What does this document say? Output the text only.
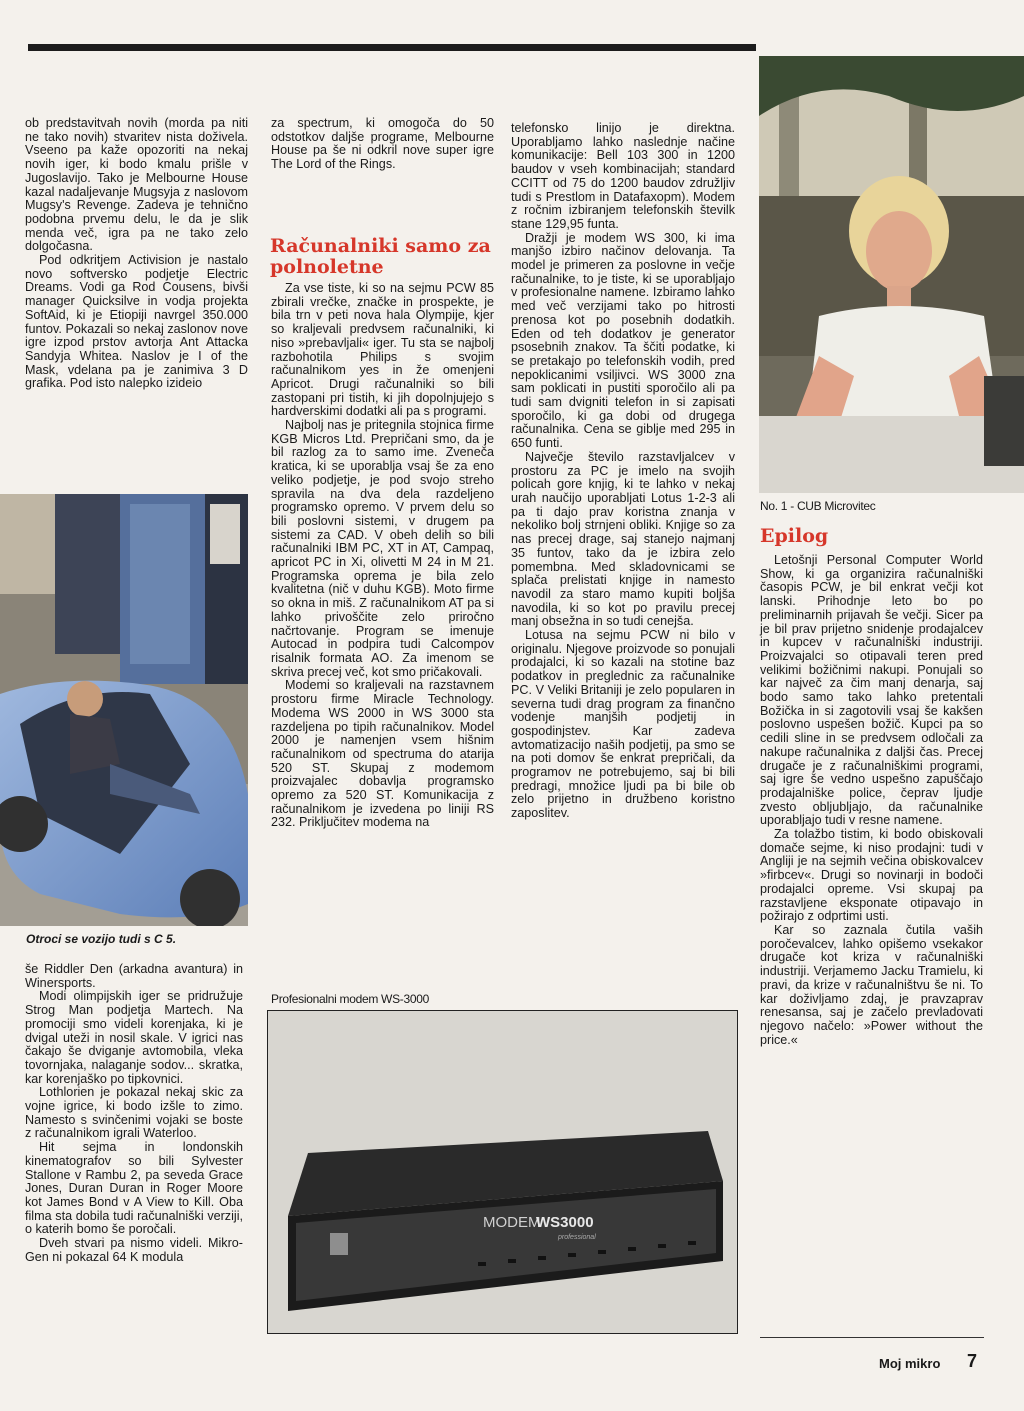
ob predstavitvah novih (morda pa niti ne tako novih) stvaritev nista doživela. Vseeno pa kaže opozoriti na nekaj novih iger, ki bodo kmalu prišle v Jugoslavijo. Tako je Melbourne House kazal nadaljevanje Mugsyja z naslovom Mugsy's Revenge. Zadeva je tehnično podobna prvemu delu, le da je slik menda več, igra pa ne tako zelo dolgočasna.

Pod odkritjem Activision je nastalo novo softversko podjetje Electric Dreams. Vodi ga Rod Cousens, bivši manager Quicksilve in vodja projekta SoftAid, ki je Etiopiji navrgel 350.000 funtov. Pokazali so nekaj zaslonov nove igre izpod prstov avtorja Ant Attacka Sandyja Whitea. Naslov je I of the Mask, vdelana pa je zanimiva 3 D grafika. Pod isto nalepko izideio

Otroci se vozijo tudi s C 5.

še Riddler Den (arkadna avantura) in Winersports.

Modi olimpijskih iger se pridružuje Strog Man podjetja Martech. Na promociji smo videli korenjaka, ki je dvigal uteži in nosil skale. V igrici nas čakajo še dviganje avtomobila, vleka tovornjaka, nalaganje sodov... skratka, kar korenjaško po tipkovnici.

Lothlorien je pokazal nekaj skic za vojne igrice, ki bodo izšle to zimo. Namesto s svinčenimi vojaki se boste z računalnikom igrali Waterloo.

Hit sejma in londonskih kinematografov so bili Sylvester Stallone v Rambu 2, pa seveda Grace Jones, Duran Duran in Roger Moore kot James Bond v A View to Kill. Oba filma sta dobila tudi računalniški verziji, o katerih bomo še poročali.

Dveh stvari pa nismo videli. Mikro-Gen ni pokazal 64 K modula

za spectrum, ki omogoča do 50 odstotkov daljše programe, Melbourne House pa še ni odkril nove super igre The Lord of the Rings.

Računalniki samo za polnoletne

Za vse tiste, ki so na sejmu PCW 85 zbirali vrečke, značke in prospekte, je bila trn v peti nova hala Olympije, kjer so kraljevali predvsem računalniki, ki niso »prebavljali« iger. Tu sta se najbolj razbohotila Philips s svojim računalnikom yes in že omenjeni Apricot. Drugi računalniki so bili zastopani pri tistih, ki jih dopolnjujejo s hardverskimi dodatki ali pa s programi.

Najbolj nas je pritegnila stojnica firme KGB Micros Ltd. Prepričani smo, da je bil razlog za to samo ime. Zveneča kratica, ki se uporablja vsaj še za eno veliko podjetje, je pod svojo streho spravila na dva dela razdeljeno programsko opremo. V prvem delu so bili poslovni sistemi, v drugem pa sistemi za CAD. V obeh delih so bili računalniki IBM PC, XT in AT, Campaq, apricot PC in Xi, olivetti M 24 in M 21. Programska oprema je bila zelo kvalitetna (nič v duhu KGB). Moto firme so okna in miš. Z računalnikom AT pa si lahko privoščite zelo priročno načrtovanje. Program se imenuje Autocad in podpira tudi Calcompov risalnik formata AO. Za imenom se skriva precej več, kot smo pričakovali.

Modemi so kraljevali na razstavnem prostoru firme Miracle Technology. Modema WS 2000 in WS 3000 sta razdeljena po tipih računalnikov. Model 2000 je namenjen vsem hišnim računalnikom od spectruma do atarija 520 ST. Skupaj z modemom proizvajalec dobavlja programsko opremo za 520 ST. Komunikacija z računalnikom je izvedena po liniji RS 232. Priključitev modema na

telefonsko linijo je direktna. Uporabljamo lahko naslednje načine komunikacije: Bell 103 300 in 1200 baudov v vseh kombinacijah; standard CCITT od 75 do 1200 baudov združljiv tudi s Prestlom in Datafaxopm). Modem z ročnim izbiranjem telefonskih številk stane 129,95 funta.

Dražji je modem WS 300, ki ima manjšo izbiro načinov delovanja. Ta model je primeren za poslovne in večje računalnike, to je tiste, ki se uporabljajo v profesionalne namene. Izbiramo lahko med več verzijami tako po hitrosti prenosa kot po posebnih dodatkih. Eden od teh dodatkov je generator psosebnih znakov. Ta ščiti podatke, ki se pretakajo po telefonskih vodih, pred nepoklicanimi vsiljivci. WS 3000 zna sam poklicati in pustiti sporočilo ali pa tudi sam dvigniti telefon in si zapisati sporočilo, ki ga dobi od drugega računalnika. Cena se giblje med 295 in 650 funti.

Največje število razstavljalcev v prostoru za PC je imelo na svojih policah gore knjig, ki te lahko v nekaj urah naučijo uporabljati Lotus 1-2-3 ali pa ti dajo prav koristna znanja v nekoliko bolj strnjeni obliki. Knjige so za nas precej drage, saj stanejo najmanj 35 funtov, tako da je izbira zelo pomembna. Med skladovnicami se splača prelistati knjige in namesto navodil za staro mamo kupiti boljša navodila, ki so kot po pravilu precej manj obsežna in so tudi cenejša.

Lotusa na sejmu PCW ni bilo v originalu. Njegove proizvode so ponujali prodajalci, ki so kazali na stotine baz podatkov in preglednic za računalnike PC. V Veliki Britaniji je zelo popularen in severna tudi drag program za finančno vodenje manjših podjetij in gospodinjstev. Kar zadeva avtomatizacijo naših podjetij, pa smo se na poti domov še enkrat prepričali, da programov ne potrebujemo, saj bi bili predragi, množice ljudi pa bi bile ob zelo prijetno in družbeno koristno zaposlitev.

No. 1 - CUB Microvitec
Epilog

Letošnji Personal Computer World Show, ki ga organizira računalniški časopis PCW, je bil enkrat večji kot lanski. Prihodnje leto bo po preliminarnih prijavah še večji. Sicer pa je bil prav prijetno snidenje prodajalcev in kupcev v računalniški industriji. Proizvajalci so otipavali teren pred velikimi božičnimi nakupi. Ponujali so kar največ za čim manj denarja, saj bodo samo tako lahko pretentali Božička in si zagotovili vsaj še kakšen poslovno uspešen božič. Kupci pa so cedili sline in se predvsem odločali za nakupe računalnika z daljši čas. Precej drugače je z računalniškimi programi, saj igre še vedno uspešno zapuščajo prodajalniške police, čeprav ljudje zvesto obljubljajo, da računalnike uporabljajo tudi v resne namene.

Za tolažbo tistim, ki bodo obiskovali domače sejme, ki niso prodajni: tudi v Angliji je na sejmih večina obiskovalcev »firbcev«. Drugi so novinarji in bodoči prodajalci opreme. Vsi skupaj pa razstavljene eksponate otipavajo in požirajo z odprtimi usti.

Kar so zaznala čutila vaših poročevalcev, lahko opišemo vsekakor drugače kot kriza v računalniški industriji. Verjamemo Jacku Tramielu, ki pravi, da krize v računalništvu še ni. To kar doživljamo zdaj, je pravzaprav renesansa, saj je začelo prevladovati njegovo načelo: »Power without the price.«

Profesionalni modem WS-3000
MODEM
WS3000
professional
Moj mikro 7
